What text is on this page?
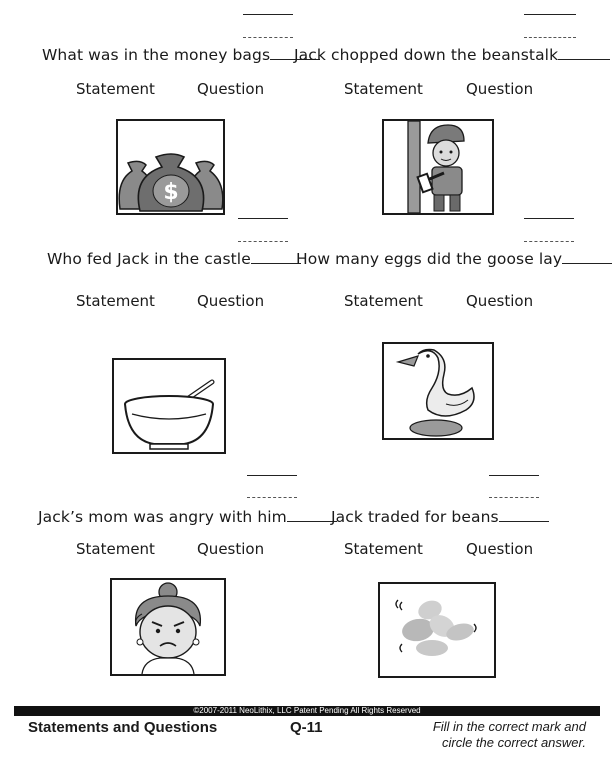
What was in the money bags
Statement	Question
Jack chopped down the beanstalk
Statement	Question
$
Who fed Jack in the castle
Statement	Question
How many eggs did the goose lay
Statement	Question
Jack’s mom was angry with him
Statement	Question
Jack traded for beans
Statement	Question
©2007-2011 NeoLithix, LLC Patent Pending All Rights Reserved
Statements and Questions	Q-11	Fill in the correct mark and
circle the correct answer.
